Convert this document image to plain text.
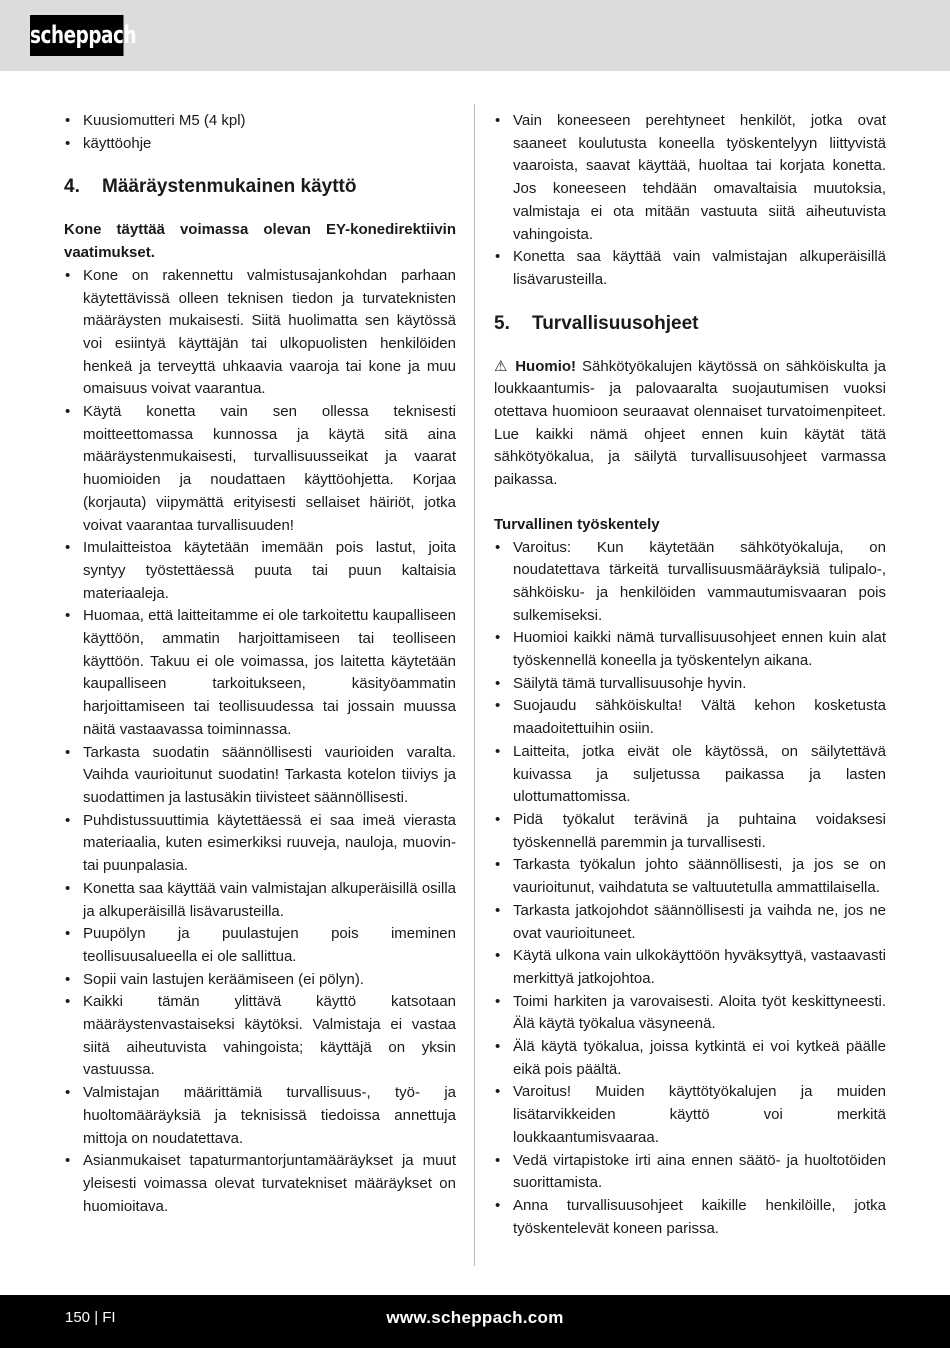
scheppach
• Kuusiomutteri M5 (4 kpl)
• käyttöohje
4. Määräystenmukainen käyttö

Kone täyttää voimassa olevan EY-konedirektiivin vaatimukset.

• Kone on rakennettu valmistusajankohdan parhaan käytettävissä olleen teknisen tiedon ja turvateknisten määräysten mukaisesti. Siitä huolimatta sen käytössä voi esiintyä käyttäjän tai ulkopuolisten henkilöiden henkeä ja terveyttä uhkaavia vaaroja tai kone ja muu omaisuus voivat vaarantua.
• Käytä konetta vain sen ollessa teknisesti moitteettomassa kunnossa ja käytä sitä aina määräystenmukaisesti, turvallisuusseikat ja vaarat huomioiden ja noudattaen käyttöohjetta. Korjaa (korjauta) viipymättä erityisesti sellaiset häiriöt, jotka voivat vaarantaa turvallisuuden!
• Imulaitteistoa käytetään imemään pois lastut, joita syntyy työstettäessä puuta tai puun kaltaisia materiaaleja.
• Huomaa, että laitteitamme ei ole tarkoitettu kaupalliseen käyttöön, ammatin harjoittamiseen tai teolliseen käyttöön. Takuu ei ole voimassa, jos laitetta käytetään kaupalliseen tarkoitukseen, käsityöammatin harjoittamiseen tai teollisuudessa tai jossain muussa näitä vastaavassa toiminnassa.
• Tarkasta suodatin säännöllisesti vaurioiden varalta. Vaihda vaurioitunut suodatin! Tarkasta kotelon tiiviys ja suodattimen ja lastusäkin tiivisteet säännöllisesti.
• Puhdistussuuttimia käytettäessä ei saa imeä vierasta materiaalia, kuten esimerkiksi ruuveja, nauloja, muovin- tai puunpalasia.
• Konetta saa käyttää vain valmistajan alkuperäisillä osilla ja alkuperäisillä lisävarusteilla.
• Puupölyn ja puulastujen pois imeminen teollisuusalueella ei ole sallittua.
• Sopii vain lastujen keräämiseen (ei pölyn).
• Kaikki tämän ylittävä käyttö katsotaan määräystenvastaiseksi käytöksi. Valmistaja ei vastaa siitä aiheutuvista vahingoista; käyttäjä on yksin vastuussa.
• Valmistajan määrittämiä turvallisuus-, työ- ja huoltomääräyksiä ja teknisissä tiedoissa annettuja mittoja on noudatettava.
• Asianmukaiset tapaturmantorjuntamääräykset ja muut yleisesti voimassa olevat turvatekniset määräykset on huomioitava.
• Vain koneeseen perehtyneet henkilöt, jotka ovat saaneet koulutusta koneella työskentelyyn liittyvistä vaaroista, saavat käyttää, huoltaa tai korjata konetta. Jos koneeseen tehdään omavaltaisia muutoksia, valmistaja ei ota mitään vastuuta siitä aiheutuvista vahingoista.
• Konetta saa käyttää vain valmistajan alkuperäisillä lisävarusteilla.
5. Turvallisuusohjeet

⚠ Huomio! Sähkötyökalujen käytössä on sähköiskulta ja loukkaantumis- ja palovaaralta suojautumisen vuoksi otettava huomioon seuraavat olennaiset turvatoimenpiteet. Lue kaikki nämä ohjeet ennen kuin käytät tätä sähkötyökalua, ja säilytä turvallisuusohjeet varmassa paikassa.

Turvallinen työskentely
• Varoitus: Kun käytetään sähkötyökaluja, on noudatettava tärkeitä turvallisuusmääräyksiä tulipalo-, sähköisku- ja henkilöiden vammautumisvaaran pois sulkemiseksi.
• Huomioi kaikki nämä turvallisuusohjeet ennen kuin alat työskennellä koneella ja työskentelyn aikana.
• Säilytä tämä turvallisuusohje hyvin.
• Suojaudu sähköiskulta! Vältä kehon kosketusta maadoitettuihin osiin.
• Laitteita, jotka eivät ole käytössä, on säilytettävä kuivassa ja suljetussa paikassa ja lasten ulottumattomissa.
• Pidä työkalut terävinä ja puhtaina voidaksesi työskennellä paremmin ja turvallisesti.
• Tarkasta työkalun johto säännöllisesti, ja jos se on vaurioitunut, vaihdatuta se valtuutetulla ammattilaisella.
• Tarkasta jatkojohdot säännöllisesti ja vaihda ne, jos ne ovat vaurioituneet.
• Käytä ulkona vain ulkokäyttöön hyväksyttyä, vastaavasti merkittyä jatkojohtoa.
• Toimi harkiten ja varovaisesti. Aloita työt keskittyneesti. Älä käytä työkalua väsyneenä.
• Älä käytä työkalua, joissa kytkintä ei voi kytkeä päälle eikä pois päältä.
• Varoitus! Muiden käyttötyökalujen ja muiden lisätarvikkeiden käyttö voi merkitä loukkaantumisvaaraa.
• Vedä virtapistoke irti aina ennen säätö- ja huoltotöiden suorittamista.
• Anna turvallisuusohjeet kaikille henkilöille, jotka työskentelevät koneen parissa.
150 | FI	www.scheppach.com
